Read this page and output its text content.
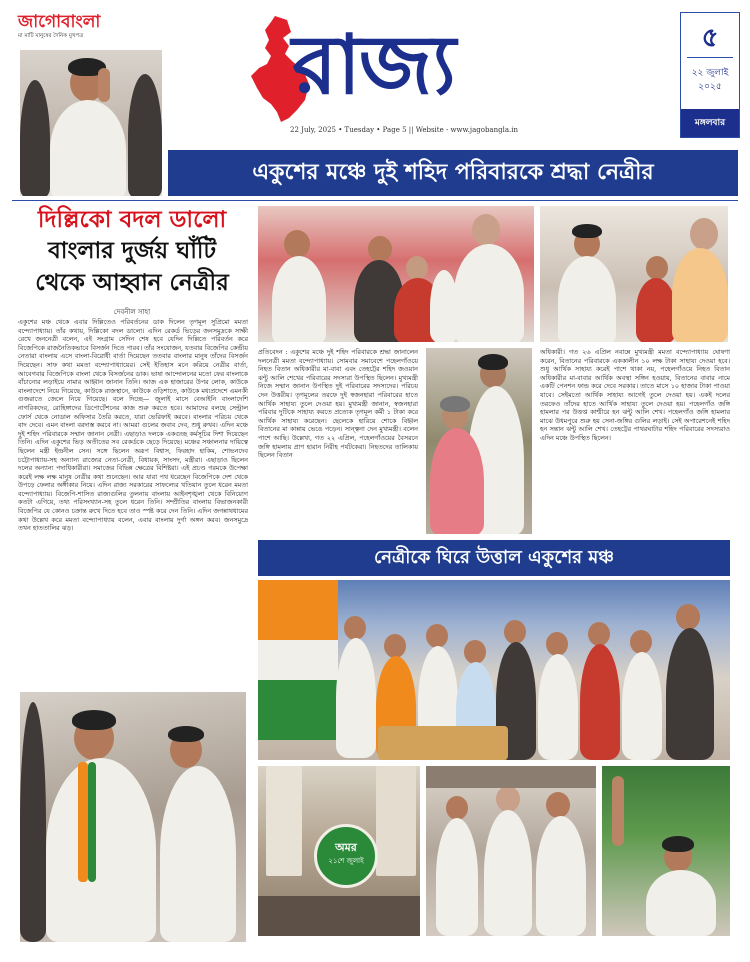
জাগোবাংলা
মা মাটি মানুষের দৈনিক মুখপত্র	রাজ্য
22 July, 2025 • Tuesday • Page 5 || Website - www.jagobangla.in
৫
২২ জুলাই
২০২৫
মঙ্গলবার
একুশের মঞ্চে দুই শহিদ পরিবারকে শ্রদ্ধা নেত্রীর
দিল্লিকো বদল ডালো
বাংলার দুর্জয় ঘাঁটি
থেকে আহ্বান নেত্রীর
দেবনীল সাহা
একুশের মঞ্চ থেকে এবার দিল্লিতেও পরিবর্তনের ডাক দিলেন তৃণমূল সুপ্রিমো মমতা বন্দ্যোপাধ্যায়। তাঁর কথায়, দিল্লিকো বদল ডালো। এদিন রেকর্ড ভিড়ের জনসমুদ্রকে সাক্ষী রেখে জননেত্রী বলেন, এই সংগ্রাম সেদিন শেষ হবে যেদিন দিল্লিতে পরিবর্তন করে বিজেপিকে রাজনৈতিকভাবে বিসর্জন দিতে পারব। তাঁর সংযোজন, যতবার বিজেপির কেন্দ্রীয় নেতারা বাংলায় এসে বাংলা-বিরোধী বার্তা দিয়েছেন ততবার বাংলার মানুষ তাঁদের বিসর্জন দিয়েছেন। সাফ কথা মমতা বন্দ্যোপাধ্যায়ের। সেই ইতিহাস মনে করিয়ে নেত্রীর বার্তা, আবেগবার বিজেপিকে বাংলা থেকে বিসর্জনের ডাক। ভাষা আন্দোলনের মতো ফের বাংলাকে বাঁচানোর লড়াইয়ে নামার আহ্বান জানান তিনি। আজ এক হাজারের উপর লোক, কাউকে বাংলাদেশে নিয়ে গিয়েছে, কাউকে রাজস্থানে, কাউকে ওড়িশাতে, কাউকে মধ্যপ্রদেশে এমনকী গুজরাতে জেলে নিয়ে গিয়েছে। বলে দিচ্ছে— জুলাই মাসে বেআইনি বাংলাদেশি নাগরিকদের, রোহিঙ্গাদের ডিপোর্টেশনের কাজ শুরু করতে হবে। আমাদের বলছে সেন্ট্রাল ফোর্স থেকে নোডাল অফিসার তৈরি করতে, যারা ভেরিফাই করবে। বাংলার পরিচয় থেকে বাদ দেবে। এমন বাংলা বরদাস্ত করবে না। আমরা গুলের জবাব দেব, শুধু রুখব। এদিন মঞ্চে দুই শহিদ পরিবারকে সম্মান জানান নেত্রী। এছাড়াও দলকে একগুচ্ছ কর্মসূচির দিশা দিয়েছেন তিনি। এদিন একুশের ভিড় অতীতের সব রেকর্ডকে ছেড়ে দিয়েছে। মঞ্চের সঞ্চালনার দায়িত্বে ছিলেন মন্ত্রী ইন্দ্রনীল সেন। সঙ্গে ছিলেন অরূপ বিশ্বাস, ফিরহাদ হাকিম, শোভনদেব চট্টোপাধ্যায়-সহ অন্যান্য রাজ্যের নেতা-নেত্রী, বিধায়ক, সাংসদ, মন্ত্রীরা। এছাড়াও ছিলেন দলের অন্যান্য পদাধিকারীরা। সমাজের বিভিন্ন ক্ষেত্রের বিশিষ্টরা। এই প্রচণ্ড গরমকে উপেক্ষা করেই লক্ষ লক্ষ মানুষ নেত্রীর কথা শুনেছেন। আর যারা পথ ধরেছেন বিজেপিকে দেশ থেকে উপড়ে ফেলার অঙ্গীকার নিয়ে। এদিন রাজ্য সরকারের সাফল্যের খতিয়ান তুলে ধরেন মমতা বন্দ্যোপাধ্যায়। বিজেপি-শাসিত রাজ্যগুলির তুলনায় বাংলায় আইনশৃঙ্খলা থেকে বিনিয়োগ কতটা এগিয়ে, তথ্য পরিসংখ্যান-সহ তুলে ধরেন তিনি। সম্প্রীতির বাংলায় বিভাজনকারী বিজেপির যে কোনও চক্রান্ত রুখে দিতে হবে তাও স্পষ্ট করে দেন তিনি। এদিন জগন্নাথধামের কথা উল্লেখ করে মমতা বন্দ্যোপাধ্যায় বলেন, এবার বাংলায় দুর্গা অঙ্গন করব। জনসমুদ্রে তখন হাততালির ঝড়।
প্রতিবেদন : একুশের মঞ্চে দুই শহিদ পরিবারকে শ্রদ্ধা জানালেন দলনেত্রী মমতা বন্দ্যোপাধ্যায়। সোমবার সমাবেশে পহেলগাঁওয়ে নিহত বিতান অধিকারীর মা-বাবা এবং তেহট্টের শহিদ জওয়ান ঝন্টু আলি শেখের পরিবারের সদস্যরা উপস্থিত ছিলেন। মুখ্যমন্ত্রী নিজে সম্মান জানান উপস্থিত দুই পরিবারের সদস্যদের। পরিচয় দেন উত্তরীয়। তৃণমূলের তরফে দুই স্বজনহারা পরিবারের হাতে আর্থিক সাহায্য তুলে দেওয়া হয়। মুখ্যমন্ত্রী জানান, স্বজনহারা পরিবার দুটিকে সাহায্য করতে প্রত্যেক তৃণমূল কর্মী ১ টাকা করে আর্থিক সাহায্য করেছেন। ছেলেকে হারিয়ে শোকে বিহ্বল বিতানের মা কান্নায় ভেঙে পড়েন। সান্ত্বনা দেন মুখ্যমন্ত্রী। বলেন পাশে আছি। উল্লেখ্য, গত ২২ এপ্রিল, পহেলগাঁওয়ের বৈসরনে জঙ্গি হামলায় প্রাণ হারান নিরীহ পর্যটকেরা। নিহতদের তালিকায় ছিলেন বিতান
অধিকারী। গত ২৬ এপ্রিল নবান্নে মুখ্যমন্ত্রী মমতা বন্দ্যোপাধ্যায় ঘোষণা করেন, বিতানের পরিবারকে এককালীন ১০ লক্ষ টাকা সাহায্য দেওয়া হবে। শুধু আর্থিক সাহায্য করেই পাশে থাকা নয়, পহেলগাঁওয়ে নিহত বিতান অধিকারীর মা-বাবার আর্থিক অবস্থা সঙ্গিন হওয়ায়, বিতানের বাবার নামে একটি পেনশন ফান্ড করে দেবে সরকার। তাতে মাসে ১০ হাজার টাকা পাওয়া যাবে। সেইমতো আর্থিক সাহায্য আগেই তুলে দেওয়া হয়। একই দলের তরফেও তাঁদের হাতে আর্থিক সাহায্য তুলে দেওয়া হয়। পহেলগাঁও জঙ্গি হামলার পর উত্তপ্ত কাশ্মীরে হন ঝন্টু আলি শেখ। পহেলগাঁও জঙ্গি হামলার মাঝে উধমপুরে শুরু হয় সেনা-জঙ্গির গুলির লড়াই। সেই অপারেশনেই শহিদ হন সন্তান ঝন্টু আলি শেখ। তেহট্টের পাথরঘাটার শহিদ পরিবারের সদস্যরাও এদিন মঞ্চে উপস্থিত ছিলেন।
নেত্রীকে ঘিরে উত্তাল একুশের মঞ্চ
অমর
২১শে জুলাই
